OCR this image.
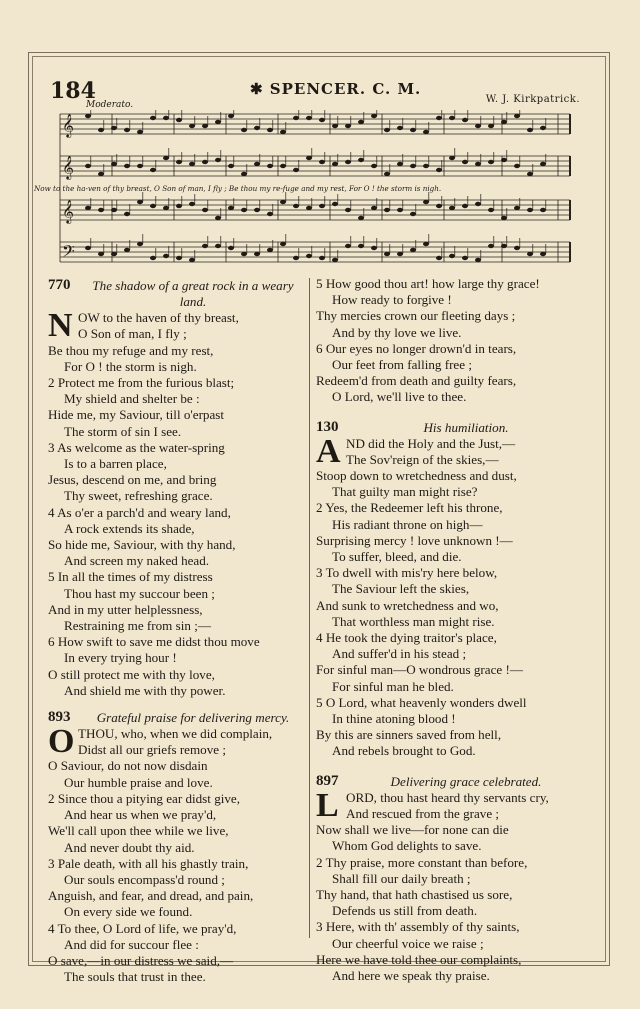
184	✱ SPENCER. C. M.
W. J. Kirkpatrick.
Moderato.
𝄞
𝄞
𝄞
𝄢
Now to the ha-ven of thy breast, O Son of man, I fly ; Be thou my re-fuge and my rest, For O ! the storm is nigh.
770	The shadow of a great rock in a weary
land.
N OW to the haven of thy breast,
O Son of man, I fly ;
Be thou my refuge and my rest,
For O ! the storm is nigh.
2 Protect me from the furious blast;
My shield and shelter be :
Hide me, my Saviour, till o'erpast
The storm of sin I see.
3 As welcome as the water-spring
Is to a barren place,
Jesus, descend on me, and bring
Thy sweet, refreshing grace.
4 As o'er a parch'd and weary land,
A rock extends its shade,
So hide me, Saviour, with thy hand,
And screen my naked head.
5 In all the times of my distress
Thou hast my succour been ;
And in my utter helplessness,
Restraining me from sin ;—
6 How swift to save me didst thou move
In every trying hour !
O still protect me with thy love,
And shield me with thy power.
893	Grateful praise for delivering mercy.
O THOU, who, when we did complain,
Didst all our griefs remove ;
O Saviour, do not now disdain
Our humble praise and love.
2 Since thou a pitying ear didst give,
And hear us when we pray'd,
We'll call upon thee while we live,
And never doubt thy aid.
3 Pale death, with all his ghastly train,
Our souls encompass'd round ;
Anguish, and fear, and dread, and pain,
On every side we found.
4 To thee, O Lord of life, we pray'd,
And did for succour flee :
O save,—in our distress we said,—
The souls that trust in thee.
5 How good thou art! how large thy grace!
How ready to forgive !
Thy mercies crown our fleeting days ;
And by thy love we live.
6 Our eyes no longer drown'd in tears,
Our feet from falling free ;
Redeem'd from death and guilty fears,
O Lord, we'll live to thee.
130	His humiliation.
A ND did the Holy and the Just,—
The Sov'reign of the skies,—
Stoop down to wretchedness and dust,
That guilty man might rise?
2 Yes, the Redeemer left his throne,
His radiant throne on high—
Surprising mercy ! love unknown !—
To suffer, bleed, and die.
3 To dwell with mis'ry here below,
The Saviour left the skies,
And sunk to wretchedness and wo,
That worthless man might rise.
4 He took the dying traitor's place,
And suffer'd in his stead ;
For sinful man—O wondrous grace !—
For sinful man he bled.
5 O Lord, what heavenly wonders dwell
In thine atoning blood !
By this are sinners saved from hell,
And rebels brought to God.
897	Delivering grace celebrated.
L ORD, thou hast heard thy servants cry,
And rescued from the grave ;
Now shall we live—for none can die
Whom God delights to save.
2 Thy praise, more constant than before,
Shall fill our daily breath ;
Thy hand, that hath chastised us sore,
Defends us still from death.
3 Here, with th' assembly of thy saints,
Our cheerful voice we raise ;
Here we have told thee our complaints,
And here we speak thy praise.
